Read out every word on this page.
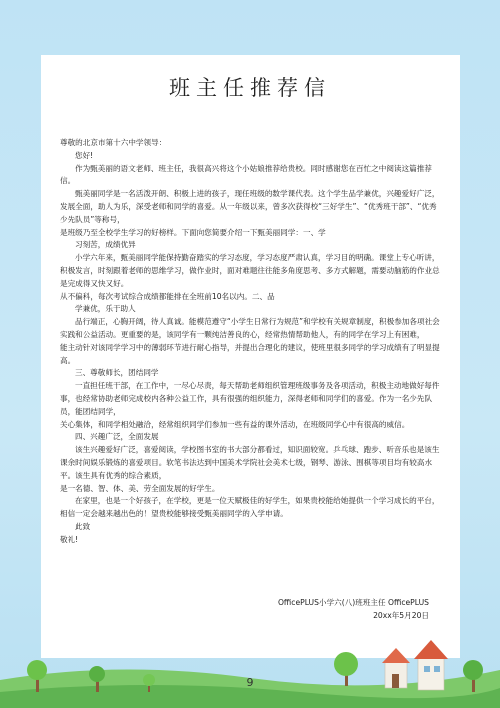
班主任推荐信

尊敬的北京市第十六中学领导：

您好!

作为甄美丽的语文老师、班主任，我很高兴将这个小姑娘推荐给贵校。同时感谢您在百忙之中阅读这篇推荐信。

甄美丽同学是一名活泼开朗、积极上进的孩子，现任班级的数学课代表。这个学生品学兼优，兴趣爱好广泛，发展全面，助人为乐，深受老师和同学的喜爱。从一年级以来，曾多次获得校“三好学生”、“优秀班干部”、“优秀少先队员”等称号，

是班级乃至全校学生学习的好榜样。下面向您简要介绍一下甄美丽同学：一、学

习刻苦，成绩优异

小学六年来，甄美丽同学能保持勤奋踏实的学习态度，学习态度严肃认真，学习目的明确。课堂上专心听讲，积极发言，时刻跟着老师的思维学习，做作业时，面对难题往往能多角度思考、多方式解题，需要动脑筋的作业总是完成得又快又好。

从不偏科，每次考试综合成绩都能排在全班前10名以内。二、品

学兼优，乐于助人

品行端正，心胸开阔，待人真诚。能模范遵守“小学生日常行为规范”和学校有关规章制度，积极参加各项社会实践和公益活动。更重要的是，该同学有一颗纯洁善良的心，经常热情帮助他人，有的同学在学习上有困难，

能主动针对该同学学习中的薄弱环节进行耐心指导，并提出合理化的建议，使班里很多同学的学习成绩有了明显提高。

三、尊敬师长，团结同学

一直担任班干部，在工作中，一尽心尽责，每天帮助老师组织管理班级事务及各项活动，积极主动地做好每件事，也经常协助老师完成校内各种公益工作，具有很强的组织能力，深得老师和同学们的喜爱。作为一名少先队员，能团结同学，

关心集体，和同学相处融洽，经常组织同学们参加一些有益的课外活动，在班级同学心中有很高的威信。

四、兴趣广泛，全面发展

该生兴趣爱好广泛，喜爱阅读，学校图书室的书大部分都看过，知识面较宽。乒乓球、跑步、听音乐也是该生课余时间娱乐锻炼的喜爱项目。软笔书法达到中国美术学院社会美术七级，钢琴、游泳、围棋等项目均有较高水平。该生具有优秀的综合素质，

是一名德、智、体、美、劳全面发展的好学生。

在家里，也是一个好孩子，在学校，更是一位天赋极佳的好学生，如果贵校能给她提供一个学习成长的平台，相信一定会越来越出色的！望贵校能够接受甄美丽同学的入学申请。

此致

敬礼!

OfficePLUS小学六(八)班班主任 OfficePLUS
20xx年5月20日
9
